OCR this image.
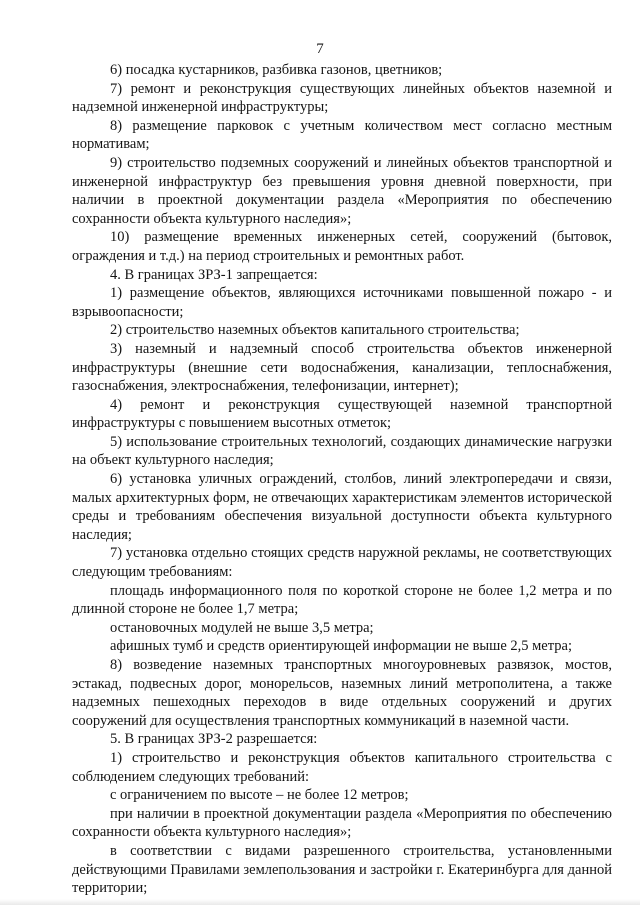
7

6) посадка кустарников, разбивка газонов, цветников;

7) ремонт и реконструкция существующих линейных объектов наземной и надземной инженерной инфраструктуры;

8) размещение парковок с учетным количеством мест согласно местным нормативам;

9) строительство подземных сооружений и линейных объектов транспортной и инженерной инфраструктур без превышения уровня дневной поверхности, при наличии в проектной документации раздела «Мероприятия по обеспечению сохранности объекта культурного наследия»;

10) размещение временных инженерных сетей, сооружений (бытовок, ограждения и т.д.) на период строительных и ремонтных работ.

4. В границах ЗРЗ-1 запрещается:

1) размещение объектов, являющихся источниками повышенной пожаро - и взрывоопасности;

2) строительство наземных объектов капитального строительства;

3) наземный и надземный способ строительства объектов инженерной инфраструктуры (внешние сети водоснабжения, канализации, теплоснабжения, газоснабжения, электроснабжения, телефонизации, интернет);

4) ремонт и реконструкция существующей наземной транспортной инфраструктуры с повышением высотных отметок;

5) использование строительных технологий, создающих динамические нагрузки на объект культурного наследия;

6) установка уличных ограждений, столбов, линий электропередачи и связи, малых архитектурных форм, не отвечающих характеристикам элементов исторической среды и требованиям обеспечения визуальной доступности объекта культурного наследия;

7) установка отдельно стоящих средств наружной рекламы, не соответствующих следующим требованиям:

площадь информационного поля по короткой стороне не более 1,2 метра и по длинной стороне не более 1,7 метра;

остановочных модулей не выше 3,5 метра;

афишных тумб и средств ориентирующей информации не выше 2,5 метра;

8) возведение наземных транспортных многоуровневых развязок, мостов, эстакад, подвесных дорог, монорельсов, наземных линий метрополитена, а также надземных пешеходных переходов в виде отдельных сооружений и других сооружений для осуществления транспортных коммуникаций в наземной части.

5. В границах ЗРЗ-2 разрешается:

1) строительство и реконструкция объектов капитального строительства с соблюдением следующих требований:

с ограничением по высоте – не более 12 метров;

при наличии в проектной документации раздела «Мероприятия по обеспечению сохранности объекта культурного наследия»;

в соответствии с видами разрешенного строительства, установленными действующими Правилами землепользования и застройки г. Екатеринбурга для данной территории;
